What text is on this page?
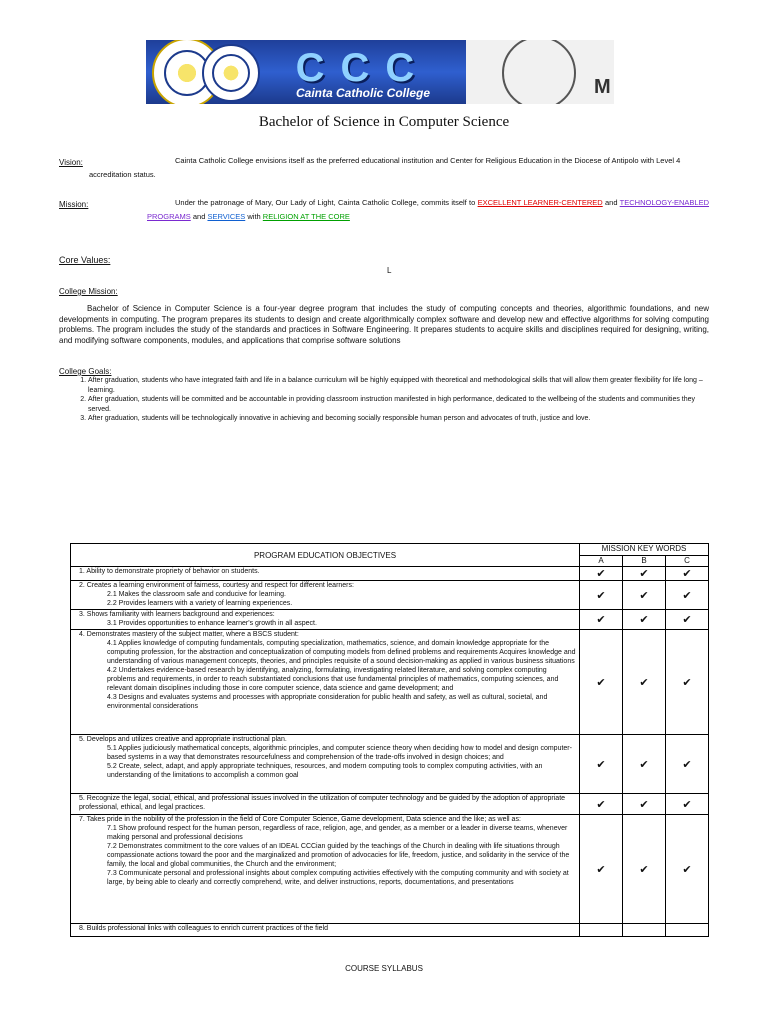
CCC
Cainta Catholic College	M
Bachelor of Science in Computer Science
Vision:	Cainta Catholic College envisions itself as the preferred educational institution and Center for Religious Education in the Diocese of Antipolo with Level 4 accreditation status.
Mission:	Under the patronage of Mary, Our Lady of Light, Cainta Catholic College, commits itself to EXCELLENT LEARNER-CENTERED and TECHNOLOGY-ENABLED PROGRAMS and SERVICES with RELIGION AT THE CORE
Core Values:
L
College Mission:
Bachelor of Science in Computer Science is a four-year degree program that includes the study of computing concepts and theories, algorithmic foundations, and new developments in computing. The program prepares its students to design and create algorithmically complex software and develop new and effective algorithms for solving computing problems. The program includes the study of the standards and practices in Software Engineering. It prepares students to acquire skills and disciplines required for designing, writing, and modifying software components, modules, and applications that comprise software solutions
College Goals:
1. After graduation, students who have integrated faith and life in a balance curriculum will be highly equipped with theoretical and methodological skills that will allow them greater flexibility for life long – learning.
2. After graduation, students will be committed and be accountable in providing classroom instruction manifested in high performance, dedicated to the wellbeing of the students and communities they served.
3. After graduation, students will be technologically innovative in achieving and becoming socially responsible human person and advocates of truth, justice and love.
PROGRAM EDUCATION OBJECTIVES	MISSION KEY WORDS		
	A	B	C

1. Ability to demonstrate propriety of behavior on students.	✔	✔	✔

2. Creates a learning environment of fairness, courtesy and respect for different learners:
2.1 Makes the classroom safe and conducive for learning.
2.2 Provides learners with a variety of learning experiences.	✔	✔	✔

3. Shows familiarity with learners background and experiences:
3.1 Provides opportunities to enhance learner's growth in all aspect.	✔	✔	✔

4. Demonstrates mastery of the subject matter, where a BSCS student:
4.1 Applies knowledge of computing fundamentals, computing specialization, mathematics, science, and domain knowledge appropriate for the computing profession, for the abstraction and conceptualization of computing models from defined problems and requirements Acquires knowledge and understanding of various management concepts, theories, and principles requisite of a sound decision-making as applied in various business situations
4.2 Undertakes evidence-based research by identifying, analyzing, formulating, investigating related literature, and solving complex computing problems and requirements, in order to reach substantiated conclusions that use fundamental principles of mathematics, computing sciences, and relevant domain disciplines including those in core computer science, data science and game development; and
4.3 Designs and evaluates systems and processes with appropriate consideration for public health and safety, as well as cultural, societal, and environmental considerations	✔	✔	✔

5. Develops and utilizes creative and appropriate instructional plan.
5.1 Applies judiciously mathematical concepts, algorithmic principles, and computer science theory when deciding how to model and design computer-based systems in a way that demonstrates resourcefulness and comprehension of the trade-offs involved in design choices; and
5.2 Create, select, adapt, and apply appropriate techniques, resources, and modern computing tools to complex computing activities, with an understanding of the limitations to accomplish a common goal	✔	✔	✔

5. Recognize the legal, social, ethical, and professional issues involved in the utilization of computer technology and be guided by the adoption of appropriate professional, ethical, and legal practices.	✔	✔	✔

7. Takes pride in the nobility of the profession in the field of Core Computer Science, Game development, Data science and the like; as well as:
7.1 Show profound respect for the human person, regardless of race, religion, age, and gender, as a member or a leader in diverse teams, whenever making personal and professional decisions
7.2 Demonstrates commitment to the core values of an IDEAL CCCian guided by the teachings of the Church in dealing with life situations through compassionate actions toward the poor and the marginalized and promotion of advocacies for life, freedom, justice, and solidarity in the service of the family, the local and global communities, the Church and the environment;
7.3 Communicate personal and professional insights about complex computing activities effectively with the computing community and with society at large, by being able to clearly and correctly comprehend, write, and deliver instructions, reports, documentations, and presentations	✔	✔	✔

8. Builds professional links with colleagues to enrich current practices of the field			

COURSE SYLLABUS
